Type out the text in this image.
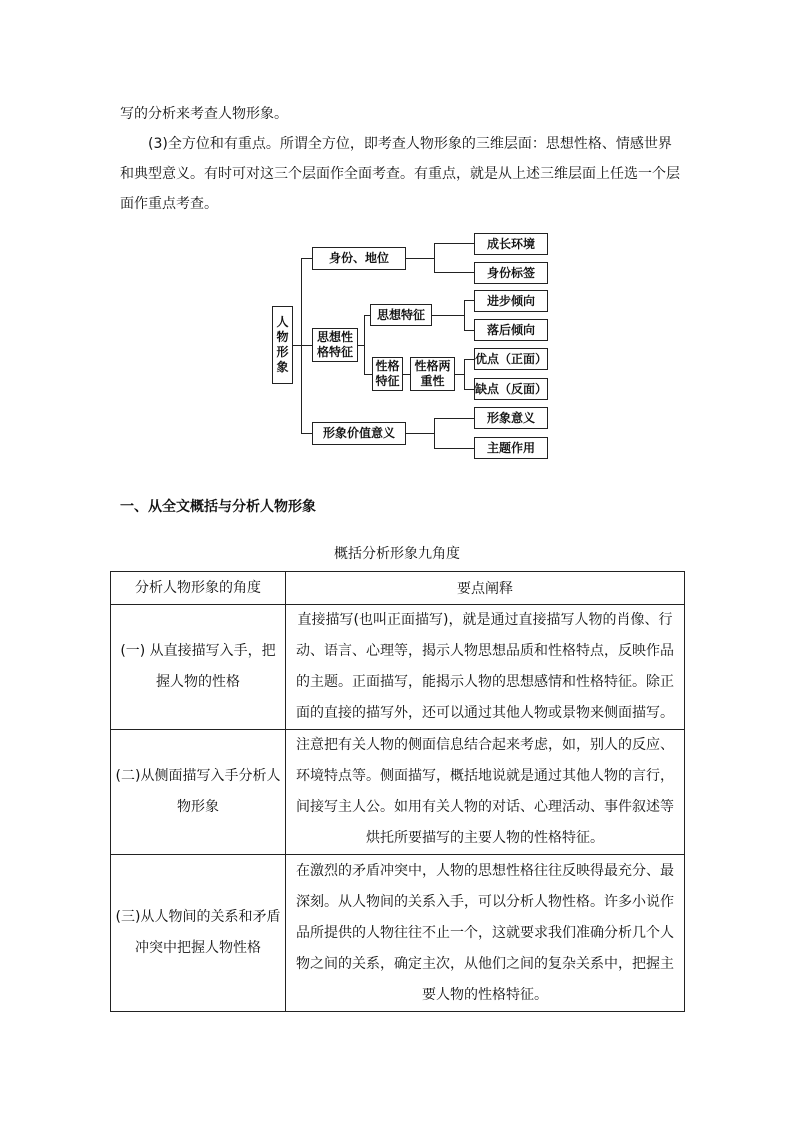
写的分析来考查人物形象。

(3)全方位和有重点。所谓全方位，即考查人物形象的三维层面：思想性格、情感世界和典型意义。有时可对这三个层面作全面考查。有重点，就是从上述三维层面上任选一个层面作重点考查。

人物形象
身份、地位
成长环境
身份标签
思想性格特征
思想特征
进步倾向
落后倾向
性格特征
性格两重性
优点（正面）
缺点（反面）
形象价值意义
形象意义
主题作用

一、从全文概括与分析人物形象

概括分析形象九角度

分析人物形象的角度	要点阐释
(一) 从直接描写入手，把握人物的性格	直接描写(也叫正面描写)，就是通过直接描写人物的肖像、行动、语言、心理等，揭示人物思想品质和性格特点，反映作品的主题。正面描写，能揭示人物的思想感情和性格特征。除正面的直接的描写外，还可以通过其他人物或景物来侧面描写。
(二)从侧面描写入手分析人物形象	注意把有关人物的侧面信息结合起来考虑，如，别人的反应、环境特点等。侧面描写，概括地说就是通过其他人物的言行，间接写主人公。如用有关人物的对话、心理活动、事件叙述等烘托所要描写的主要人物的性格特征。
(三)从人物间的关系和矛盾冲突中把握人物性格	在激烈的矛盾冲突中，人物的思想性格往往反映得最充分、最深刻。从人物间的关系入手，可以分析人物性格。许多小说作品所提供的人物往往不止一个，这就要求我们准确分析几个人物之间的关系，确定主次，从他们之间的复杂关系中，把握主要人物的性格特征。
